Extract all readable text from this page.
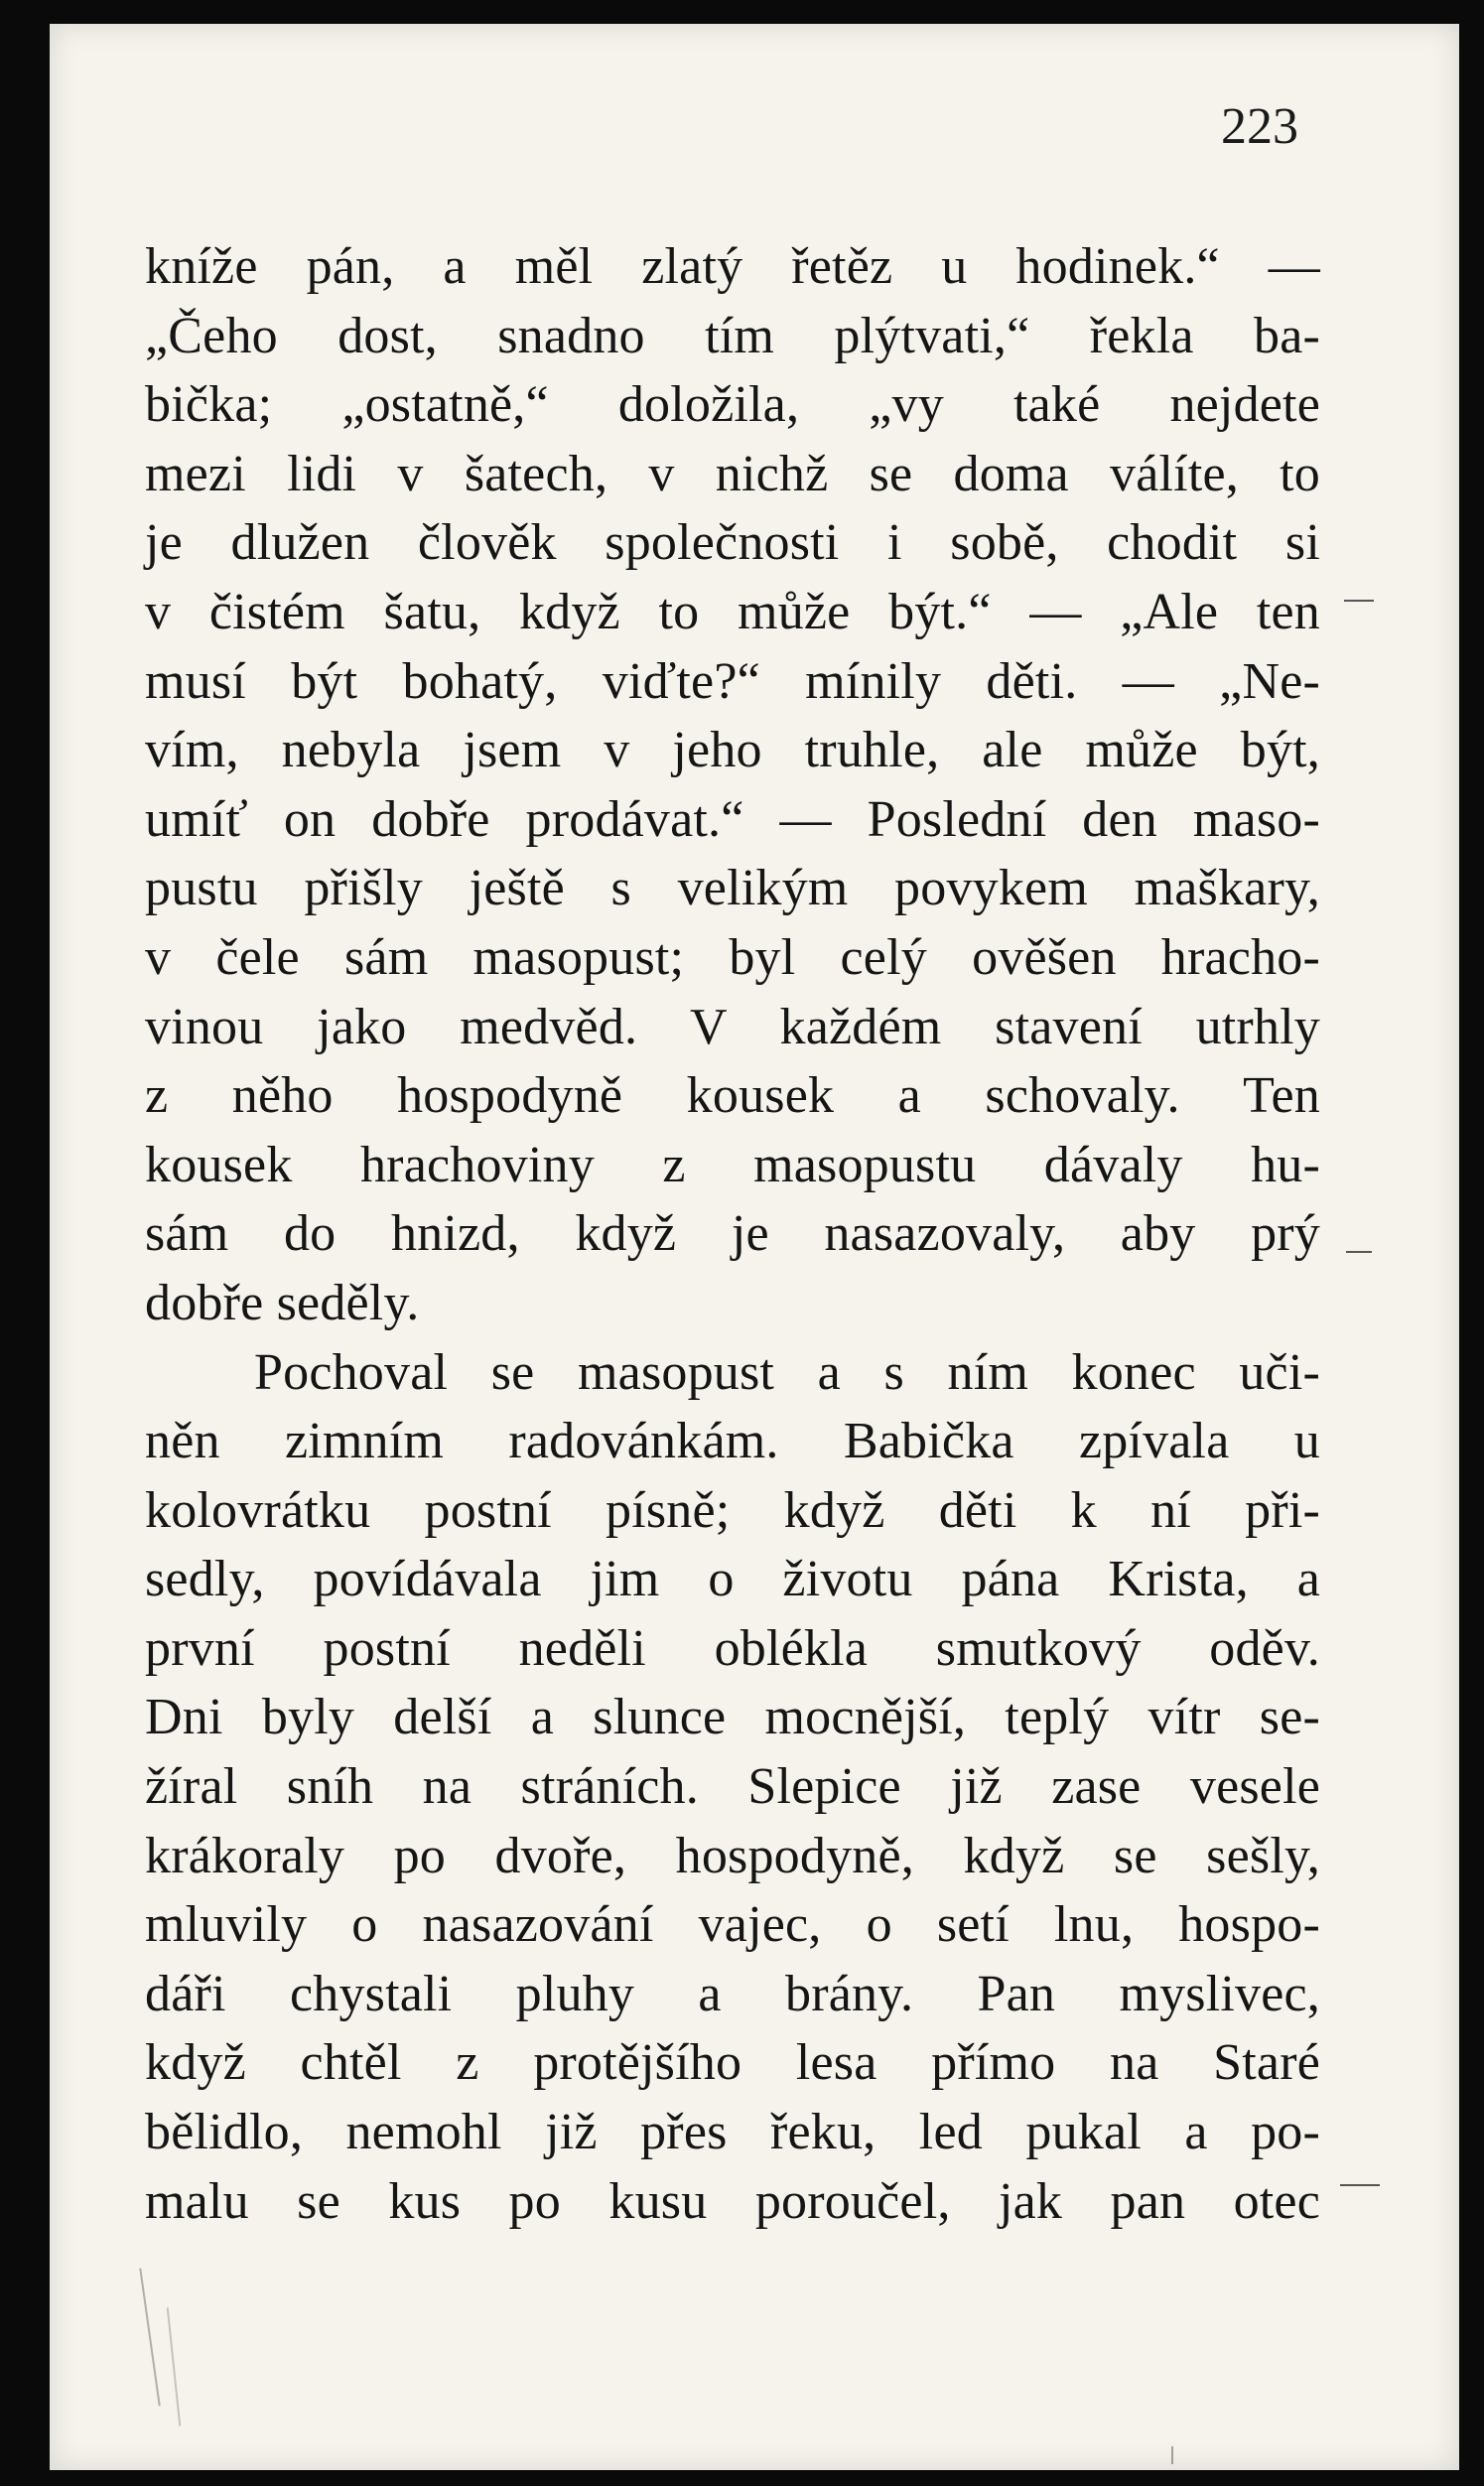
223
kníže pán, a měl zlatý řetěz u hodinek.“ —
„Čeho dost, snadno tím plýtvati,“ řekla ba-
bička; „ostatně,“ doložila, „vy také nejdete
mezi lidi v šatech, v nichž se doma válíte, to
je dlužen člověk společnosti i sobě, chodit si
v čistém šatu, když to může být.“ — „Ale ten
musí být bohatý, viďte?“ mínily děti. — „Ne-
vím, nebyla jsem v jeho truhle, ale může být,
umíť on dobře prodávat.“ — Poslední den maso-
pustu přišly ještě s velikým povykem maškary,
v čele sám masopust; byl celý ověšen hracho-
vinou jako medvěd. V každém stavení utrhly
z něho hospodyně kousek a schovaly. Ten
kousek hrachoviny z masopustu dávaly hu-
sám do hnizd, když je nasazovaly, aby prý
dobře seděly.
Pochoval se masopust a s ním konec uči-
něn zimním radovánkám. Babička zpívala u
kolovrátku postní písně; když děti k ní při-
sedly, povídávala jim o životu pána Krista, a
první postní neděli oblékla smutkový oděv.
Dni byly delší a slunce mocnější, teplý vítr se-
žíral sníh na stráních. Slepice již zase vesele
krákoraly po dvoře, hospodyně, když se sešly,
mluvily o nasazování vajec, o setí lnu, hospo-
dáři chystali pluhy a brány. Pan myslivec,
když chtěl z protějšího lesa přímo na Staré
bělidlo, nemohl již přes řeku, led pukal a po-
malu se kus po kusu poroučel, jak pan otec
